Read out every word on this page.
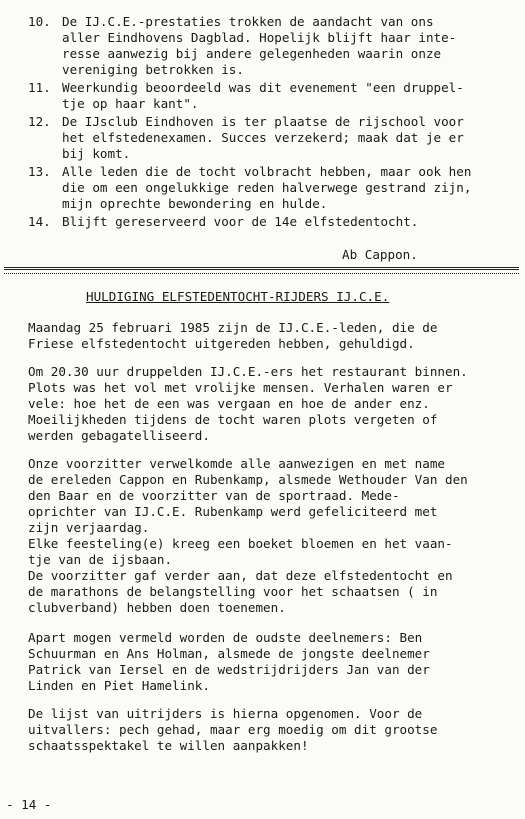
10. De IJ.C.E.-prestaties trokken de aandacht van ons
aller Eindhovens Dagblad. Hopelijk blijft haar inte-
resse aanwezig bij andere gelegenheden waarin onze
vereniging betrokken is.
11. Weerkundig beoordeeld was dit evenement "een druppel-
tje op haar kant".
12. De IJsclub Eindhoven is ter plaatse de rijschool voor
het elfstedenexamen. Succes verzekerd; maak dat je er
bij komt.
13. Alle leden die de tocht volbracht hebben, maar ook hen
die om een ongelukkige reden halverwege gestrand zijn,
mijn oprechte bewondering en hulde.
14. Blijft gereserveerd voor de 14e elfstedentocht.
Ab Cappon.
HULDIGING ELFSTEDENTOCHT-RIJDERS IJ.C.E.
Maandag 25 februari 1985 zijn de IJ.C.E.-leden, die de
Friese elfstedentocht uitgereden hebben, gehuldigd.
Om 20.30 uur druppelden IJ.C.E.-ers het restaurant binnen.
Plots was het vol met vrolijke mensen. Verhalen waren er
vele: hoe het de een was vergaan en hoe de ander enz.
Moeilijkheden tijdens de tocht waren plots vergeten of
werden gebagatelliseerd.
Onze voorzitter verwelkomde alle aanwezigen en met name
de ereleden Cappon en Rubenkamp, alsmede Wethouder Van den
den Baar en de voorzitter van de sportraad. Mede-
oprichter van IJ.C.E. Rubenkamp werd gefeliciteerd met
zijn verjaardag.
Elke feesteling(e) kreeg een boeket bloemen en het vaan-
tje van de ijsbaan.
De voorzitter gaf verder aan, dat deze elfstedentocht en
de marathons de belangstelling voor het schaatsen ( in
clubverband) hebben doen toenemen.
Apart mogen vermeld worden de oudste deelnemers: Ben
Schuurman en Ans Holman, alsmede de jongste deelnemer
Patrick van Iersel en de wedstrijdrijders Jan van der
Linden en Piet Hamelink.
De lijst van uitrijders is hierna opgenomen. Voor de
uitvallers: pech gehad, maar erg moedig om dit grootse
schaatsspektakel te willen aanpakken!
- 14 -
